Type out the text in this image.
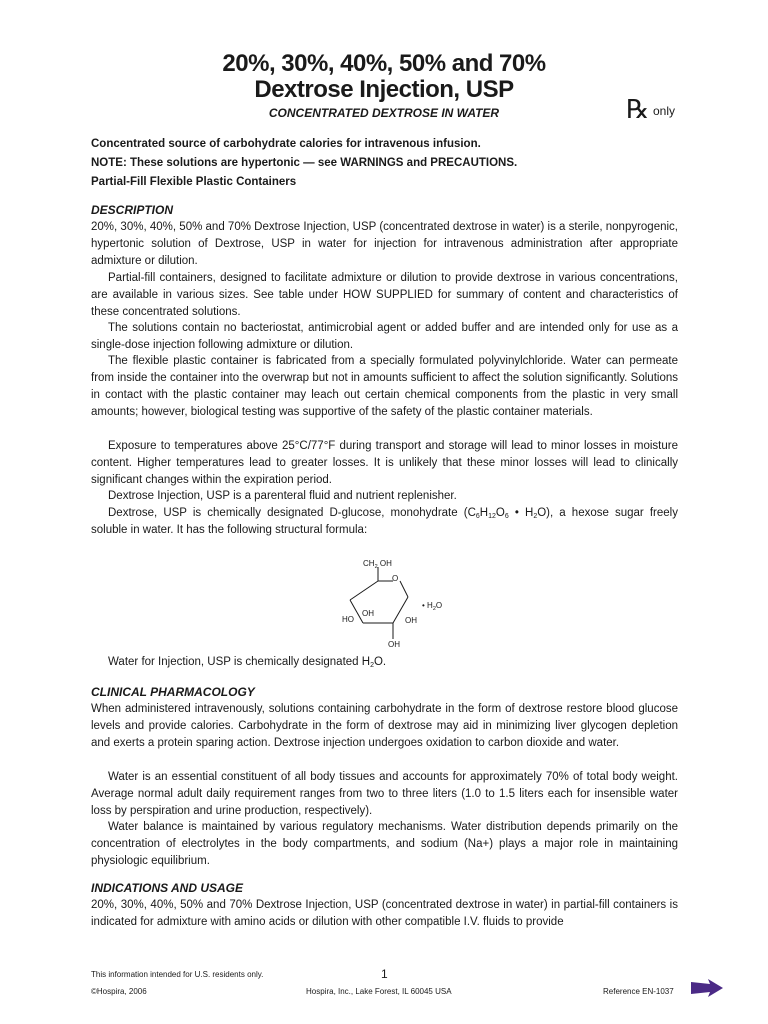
20%, 30%, 40%, 50% and 70%
Dextrose Injection, USP
CONCENTRATED DEXTROSE IN WATER	℞ only
Concentrated source of carbohydrate calories for intravenous infusion.
NOTE: These solutions are hypertonic — see WARNINGS and PRECAUTIONS.
Partial-Fill Flexible Plastic Containers
DESCRIPTION
20%, 30%, 40%, 50% and 70% Dextrose Injection, USP (concentrated dextrose in water) is a sterile, nonpyrogenic, hypertonic solution of Dextrose, USP in water for injection for intravenous administration after appropriate admixture or dilution.
Partial-fill containers, designed to facilitate admixture or dilution to provide dextrose in various concentrations, are available in various sizes. See table under HOW SUPPLIED for summary of content and characteristics of these concentrated solutions.
The solutions contain no bacteriostat, antimicrobial agent or added buffer and are intended only for use as a single-dose injection following admixture or dilution.
The flexible plastic container is fabricated from a specially formulated polyvinylchloride. Water can permeate from inside the container into the overwrap but not in amounts sufficient to affect the solution significantly. Solutions in contact with the plastic container may leach out certain chemical components from the plastic in very small amounts; however, biological testing was supportive of the safety of the plastic container materials.
Exposure to temperatures above 25°C/77°F during transport and storage will lead to minor losses in moisture content. Higher temperatures lead to greater losses. It is unlikely that these minor losses will lead to clinically significant changes within the expiration period.
Dextrose Injection, USP is a parenteral fluid and nutrient replenisher.
Dextrose, USP is chemically designated D-glucose, monohydrate ($C_6H_{12}O_6$ • $H_2O$), a hexose sugar freely soluble in water. It has the following structural formula:
$CH_2$ OH
O
OH
HO	OH
OH
• $H_2O$
Water for Injection, USP is chemically designated $H_2O$.
CLINICAL PHARMACOLOGY
When administered intravenously, solutions containing carbohydrate in the form of dextrose restore blood glucose levels and provide calories. Carbohydrate in the form of dextrose may aid in minimizing liver glycogen depletion and exerts a protein sparing action. Dextrose injection undergoes oxidation to carbon dioxide and water.
Water is an essential constituent of all body tissues and accounts for approximately 70% of total body weight. Average normal adult daily requirement ranges from two to three liters (1.0 to 1.5 liters each for insensible water loss by perspiration and urine production, respectively).
Water balance is maintained by various regulatory mechanisms. Water distribution depends primarily on the concentration of electrolytes in the body compartments, and sodium (Na+) plays a major role in maintaining physiologic equilibrium.
INDICATIONS AND USAGE
20%, 30%, 40%, 50% and 70% Dextrose Injection, USP (concentrated dextrose in water) in partial-fill containers is indicated for admixture with amino acids or dilution with other compatible I.V. fluids to provide
This information intended for U.S. residents only.	1
©Hospira, 2006	Hospira, Inc., Lake Forest, IL 60045 USA	Reference EN-1037
